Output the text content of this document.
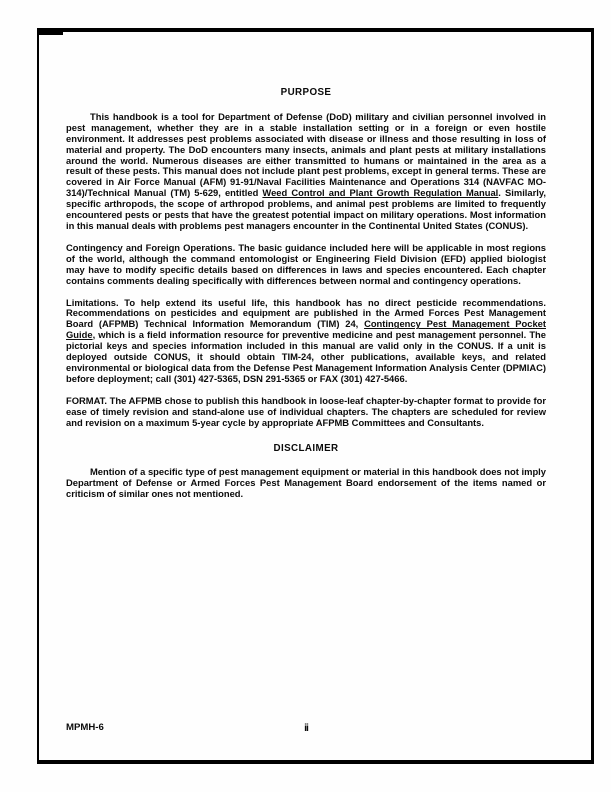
PURPOSE

This handbook is a tool for Department of Defense (DoD) military and civilian personnel involved in pest management, whether they are in a stable installation setting or in a foreign or even hostile environment. It addresses pest problems associated with disease or illness and those resulting in loss of material and property. The DoD encounters many insects, animals and plant pests at military installations around the world. Numerous diseases are either transmitted to humans or maintained in the area as a result of these pests. This manual does not include plant pest problems, except in general terms. These are covered in Air Force Manual (AFM) 91-91/Naval Facilities Maintenance and Operations 314 (NAVFAC MO-314)/Technical Manual (TM) 5-629, entitled Weed Control and Plant Growth Regulation Manual. Similarly, specific arthropods, the scope of arthropod problems, and animal pest problems are limited to frequently encountered pests or pests that have the greatest potential impact on military operations. Most information in this manual deals with problems pest managers encounter in the Continental United States (CONUS).

Contingency and Foreign Operations. The basic guidance included here will be applicable in most regions of the world, although the command entomologist or Engineering Field Division (EFD) applied biologist may have to modify specific details based on differences in laws and species encountered. Each chapter contains comments dealing specifically with differences between normal and contingency operations.

Limitations. To help extend its useful life, this handbook has no direct pesticide recommendations. Recommendations on pesticides and equipment are published in the Armed Forces Pest Management Board (AFPMB) Technical Information Memorandum (TIM) 24, Contingency Pest Management Pocket Guide, which is a field information resource for preventive medicine and pest management personnel. The pictorial keys and species information included in this manual are valid only in the CONUS. If a unit is deployed outside CONUS, it should obtain TIM-24, other publications, available keys, and related environmental or biological data from the Defense Pest Management Information Analysis Center (DPMIAC) before deployment; call (301) 427-5365, DSN 291-5365 or FAX (301) 427-5466.

FORMAT. The AFPMB chose to publish this handbook in loose-leaf chapter-by-chapter format to provide for ease of timely revision and stand-alone use of individual chapters. The chapters are scheduled for review and revision on a maximum 5-year cycle by appropriate AFPMB Committees and Consultants.

DISCLAIMER

Mention of a specific type of pest management equipment or material in this handbook does not imply Department of Defense or Armed Forces Pest Management Board endorsement of the items named or criticism of similar ones not mentioned.

MPMH-6	ii
